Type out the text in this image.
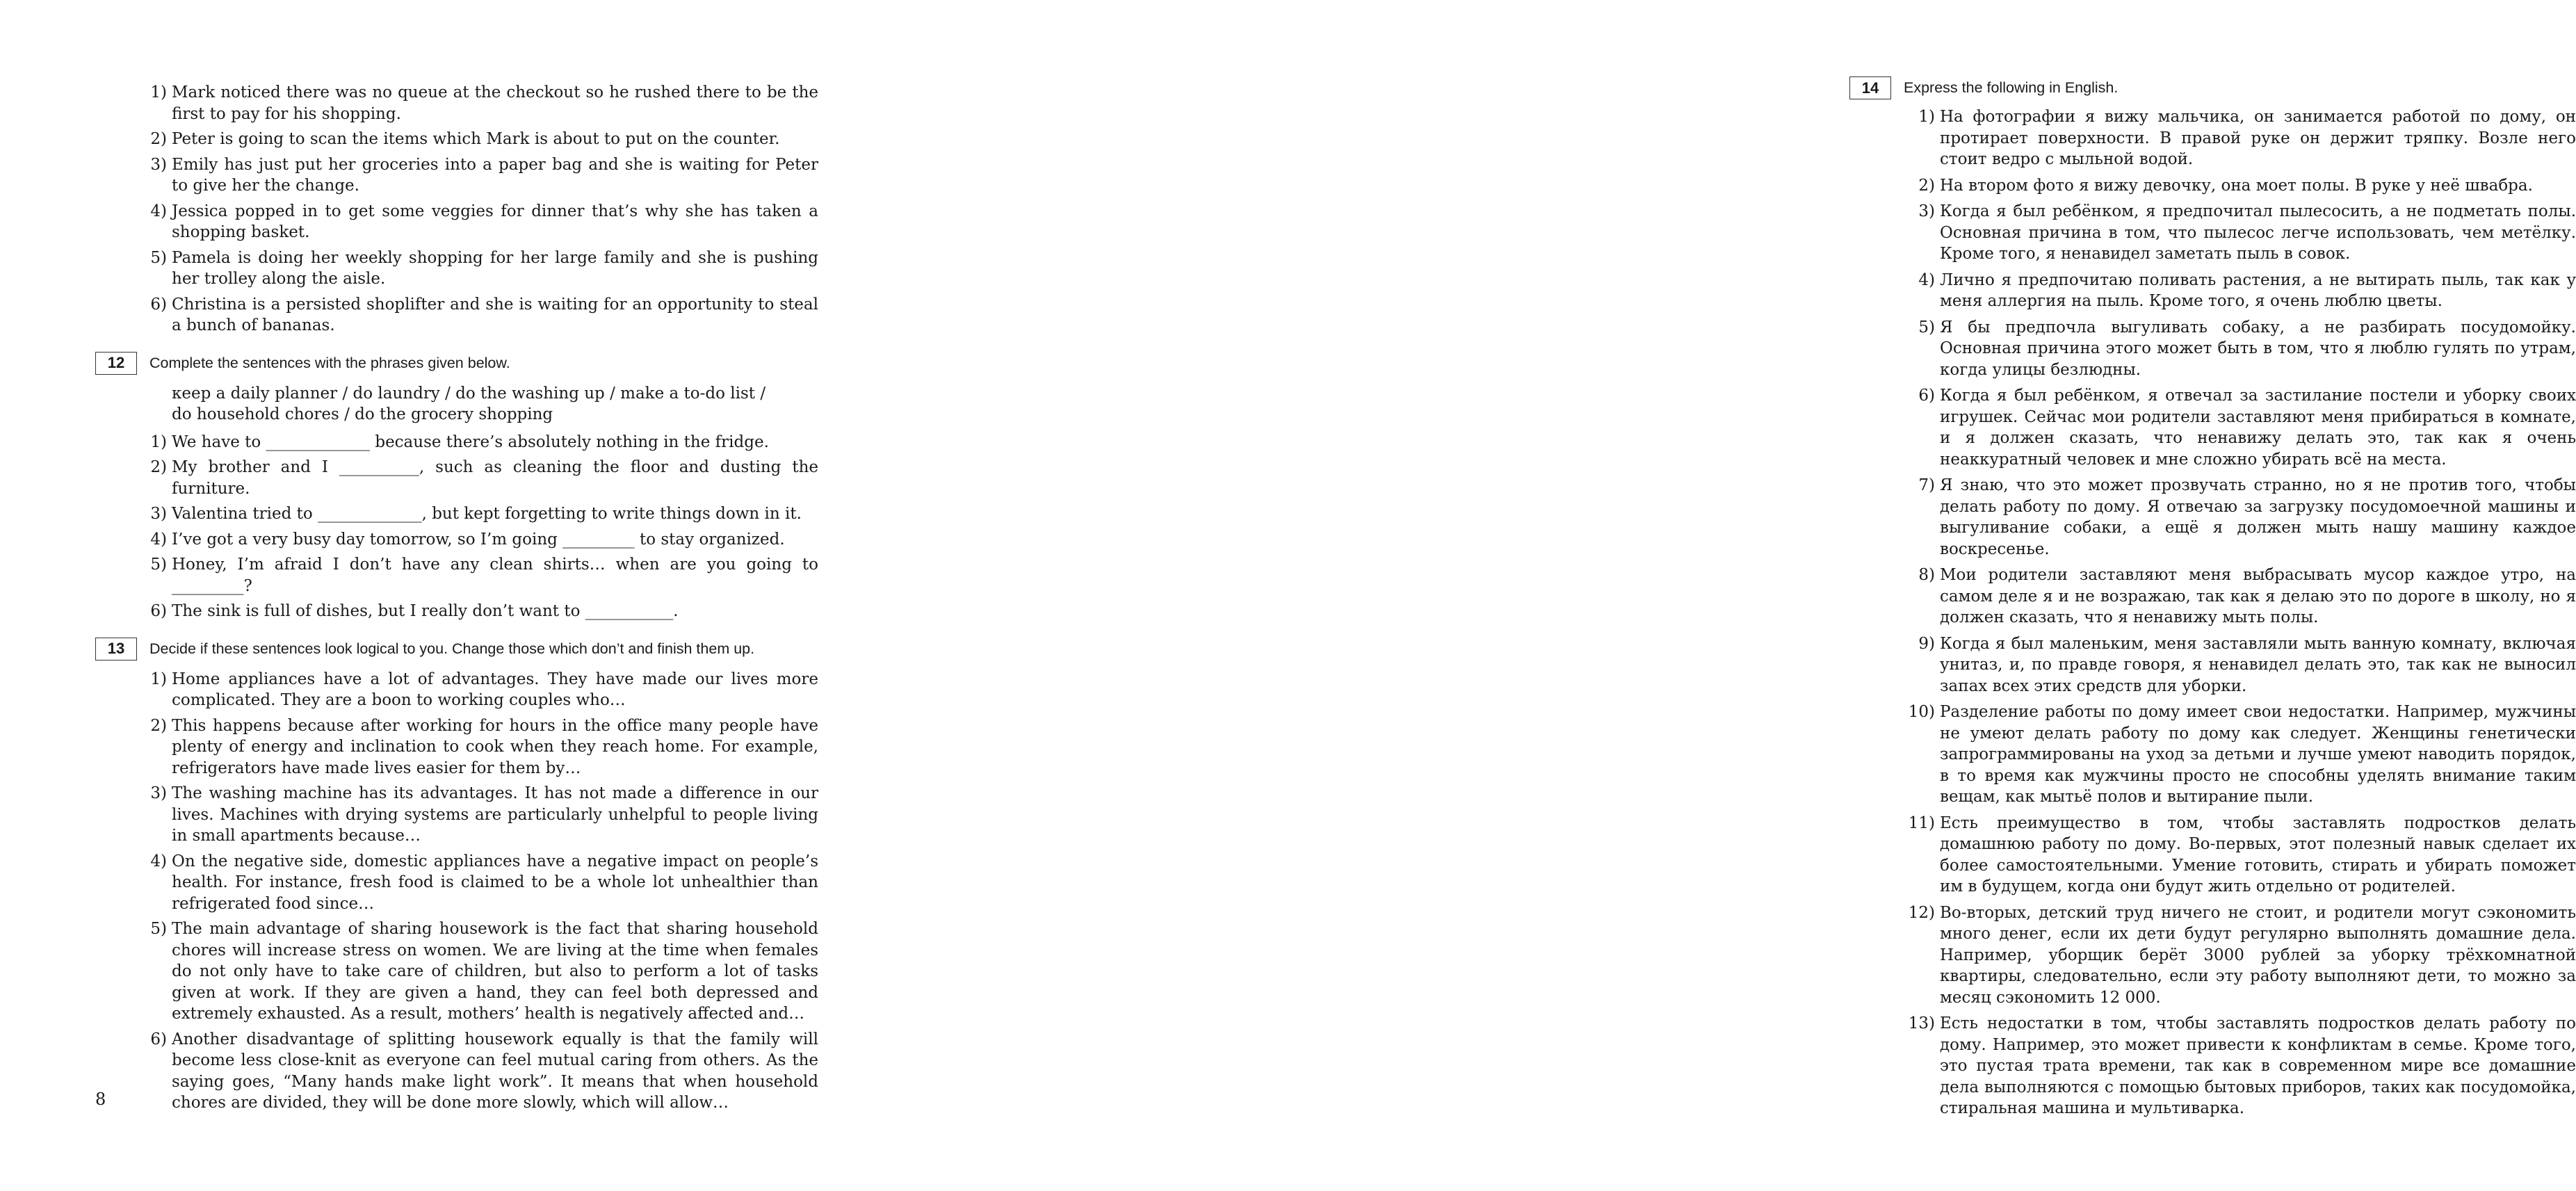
1) Mark noticed there was no queue at the checkout so he rushed there to be the first to pay for his shopping.
2) Peter is going to scan the items which Mark is about to put on the counter.
3) Emily has just put her groceries into a paper bag and she is waiting for Peter to give her the change.
4) Jessica popped in to get some veggies for dinner that’s why she has taken a shopping basket.
5) Pamela is doing her weekly shopping for her large family and she is pushing her trolley along the aisle.
6) Christina is a persisted shoplifter and she is waiting for an opportunity to steal a bunch of bananas.
12	Complete the sentences with the phrases given below.
кeep a daily planner / do laundry / do the washing up / make a to-do list /
do household chores / do the grocery shopping
1) We have to _____________ because there’s absolutely nothing in the fridge.
2) My brother and I __________, such as cleaning the floor and dusting the furniture.
3) Valentina tried to _____________, but kept forgetting to write things down in it.
4) I’ve got a very busy day tomorrow, so I’m going _________ to stay organized.
5) Honey, I’m afraid I don’t have any clean shirts… when are you going to _________?
6) The sink is full of dishes, but I really don’t want to ___________.
13	Decide if these sentences look logical to you. Change those which don’t and finish them up.
1) Home appliances have a lot of advantages. They have made our lives more complicated. They are a boon to working couples who…
2) This happens because after working for hours in the office many people have plenty of energy and inclination to cook when they reach home. For example, refrigerators have made lives easier for them by…
3) The washing machine has its advantages. It has not made a difference in our lives. Machines with drying systems are particularly unhelpful to people living in small apartments because…
4) On the negative side, domestic appliances have a negative impact on people’s health. For instance, fresh food is claimed to be a whole lot unhealthier than refrigerated food since…
5) The main advantage of sharing housework is the fact that sharing household chores will increase stress on women. We are living at the time when females do not only have to take care of children, but also to perform a lot of tasks given at work. If they are given a hand, they can feel both depressed and extremely exhausted. As a result, mothers’ health is negatively affected and…
6) Another disadvantage of splitting housework equally is that the family will become less close-knit as everyone can feel mutual caring from others. As the saying goes, “Many hands make light work”. It means that when household chores are divided, they will be done more slowly, which will allow…
8
14	Express the following in English.
1) На фотографии я вижу мальчика, он занимается работой по дому, он протирает поверхности. В правой руке он держит тряпку. Возле него стоит ведро с мыльной водой.
2) На втором фото я вижу девочку, она моет полы. В руке у неё швабра.
3) Когда я был ребёнком, я предпочитал пылесосить, а не подметать полы. Основная причина в том, что пылесос легче использовать, чем метёлку. Кроме того, я ненавидел заметать пыль в совок.
4) Лично я предпочитаю поливать растения, а не вытирать пыль, так как у меня аллергия на пыль. Кроме того, я очень люблю цветы.
5) Я бы предпочла выгуливать собаку, а не разбирать посудомойку. Основная причина этого может быть в том, что я люблю гулять по утрам, когда улицы безлюдны.
6) Когда я был ребёнком, я отвечал за застилание постели и уборку своих игрушек. Сейчас мои родители заставляют меня прибираться в комнате, и я должен сказать, что ненавижу делать это, так как я очень неаккуратный человек и мне сложно убирать всё на места.
7) Я знаю, что это может прозвучать странно, но я не против того, чтобы делать работу по дому. Я отвечаю за загрузку посудомоечной машины и выгуливание собаки, а ещё я должен мыть нашу машину каждое воскресенье.
8) Мои родители заставляют меня выбрасывать мусор каждое утро, на самом деле я и не возражаю, так как я делаю это по дороге в школу, но я должен сказать, что я ненавижу мыть полы.
9) Когда я был маленьким, меня заставляли мыть ванную комнату, включая унитаз, и, по правде говоря, я ненавидел делать это, так как не выносил запах всех этих средств для уборки.
10) Разделение работы по дому имеет свои недостатки. Например, мужчины не умеют делать работу по дому как следует. Женщины генетически запрограммированы на уход за детьми и лучше умеют наводить порядок, в то время как мужчины просто не способны уделять внимание таким вещам, как мытьё полов и вытирание пыли.
11) Есть преимущество в том, чтобы заставлять подростков делать домашнюю работу по дому. Во-первых, этот полезный навык сделает их более самостоятельными. Умение готовить, стирать и убирать поможет им в будущем, когда они будут жить отдельно от родителей.
12) Во-вторых, детский труд ничего не стоит, и родители могут сэкономить много денег, если их дети будут регулярно выполнять домашние дела. Например, уборщик берёт 3000 рублей за уборку трёхкомнатной квартиры, следовательно, если эту работу выполняют дети, то можно за месяц сэкономить 12 000.
13) Есть недостатки в том, чтобы заставлять подростков делать работу по дому. Например, это может привести к конфликтам в семье. Кроме того, это пустая трата времени, так как в современном мире все домашние дела выполняются с помощью бытовых приборов, таких как посудомойка, стиральная машина и мультиварка.
